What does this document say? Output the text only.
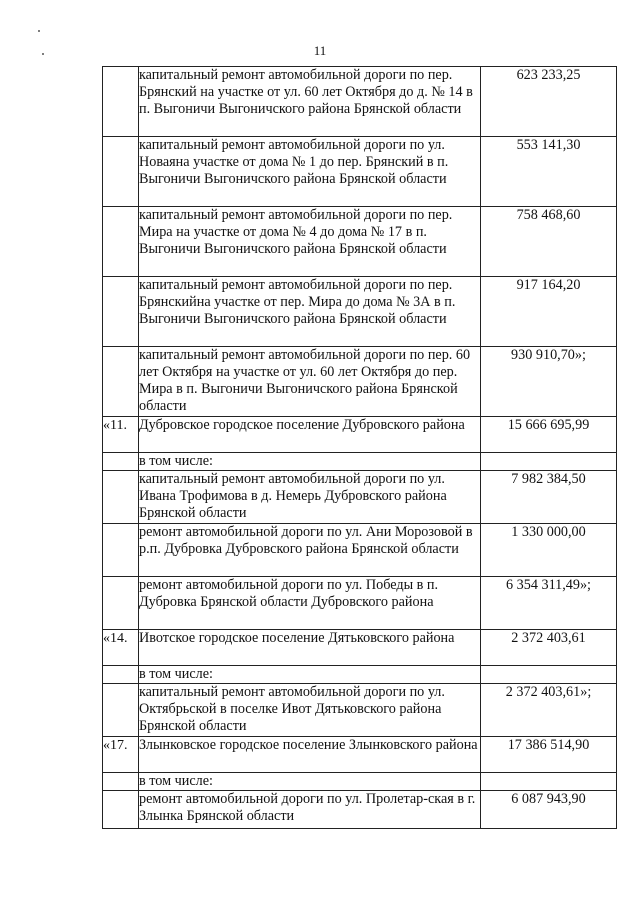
11
	капитальный ремонт автомобильной дороги по пер. Брянский на участке от ул. 60 лет Октября до д. № 14 в п. Выгоничи Выгоничского района Брянской области	623 233,25
	капитальный ремонт автомобильной дороги по ул. Новаяна участке от дома № 1 до пер. Брянский в п. Выгоничи Выгоничского района Брянской области	553 141,30
	капитальный ремонт автомобильной дороги по пер. Мира на участке от дома № 4 до дома № 17 в п. Выгоничи Выгоничского района Брянской области	758 468,60
	капитальный ремонт автомобильной дороги по пер. Брянскийна участке от пер. Мира до дома № 3А в п. Выгоничи Выгоничского района Брянской области	917 164,20
	капитальный ремонт автомобильной дороги по пер. 60 лет Октября на участке от ул. 60 лет Октября до пер. Мира в п. Выгоничи Выгоничского района Брянской области	930 910,70»;
«11.	Дубровское городское поселение Дубровского района	15 666 695,99
	в том числе:	
	капитальный ремонт автомобильной дороги по ул. Ивана Трофимова в д. Немерь Дубровского района Брянской области	7 982 384,50
	ремонт автомобильной дороги по ул. Ани Морозовой в р.п. Дубровка Дубровского района Брянской области	1 330 000,00
	ремонт автомобильной дороги по ул. Победы в п. Дубровка Брянской области Дубровского района	6 354 311,49»;
«14.	Ивотское городское поселение Дятьковского района	2 372 403,61
	в том числе:	
	капитальный ремонт автомобильной дороги по ул. Октябрьской в поселке Ивот Дятьковского района Брянской области	2 372 403,61»;
«17.	Злынковское городское поселение Злынковского района	17 386 514,90
	в том числе:	
	ремонт автомобильной дороги по ул. Пролетар-ская в г. Злынка Брянской области	6 087 943,90
